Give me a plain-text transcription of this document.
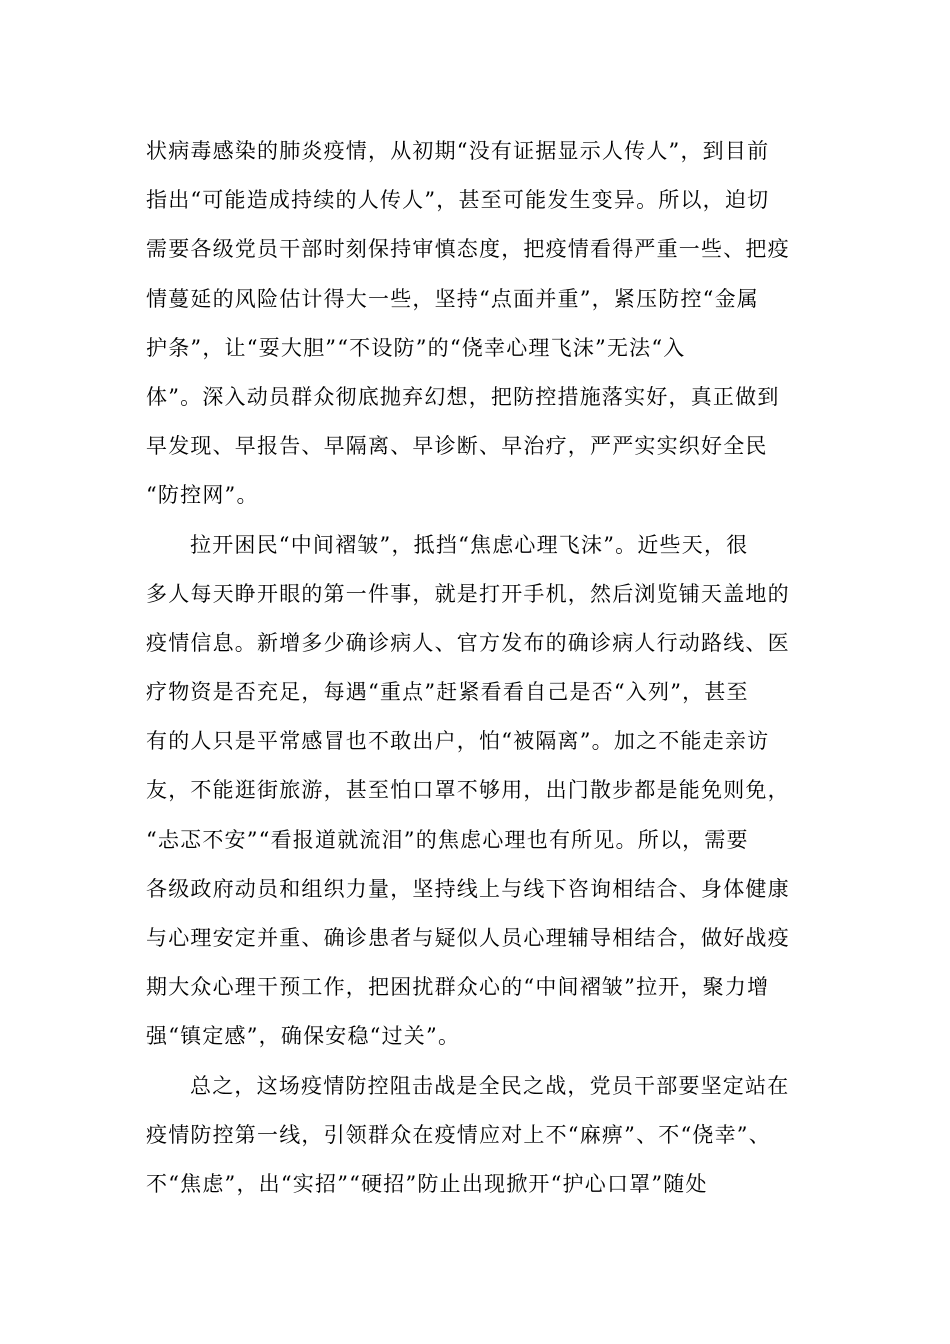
状病毒感染的肺炎疫情，从初期“没有证据显示人传人”，到目前
指出“可能造成持续的人传人”，甚至可能发生变异。所以，迫切
需要各级党员干部时刻保持审慎态度，把疫情看得严重一些、把疫
情蔓延的风险估计得大一些，坚持“点面并重”，紧压防控“金属
护条”，让“耍大胆”“不设防”的“侥幸心理飞沫”无法“入
体”。深入动员群众彻底抛弃幻想，把防控措施落实好，真正做到
早发现、早报告、早隔离、早诊断、早治疗，严严实实织好全民
“防控网”。
拉开困民“中间褶皱”，抵挡“焦虑心理飞沫”。近些天，很
多人每天睁开眼的第一件事，就是打开手机，然后浏览铺天盖地的
疫情信息。新增多少确诊病人、官方发布的确诊病人行动路线、医
疗物资是否充足，每遇“重点”赶紧看看自己是否“入列”，甚至
有的人只是平常感冒也不敢出户，怕“被隔离”。加之不能走亲访
友，不能逛街旅游，甚至怕口罩不够用，出门散步都是能免则免，
“忐忑不安”“看报道就流泪”的焦虑心理也有所见。所以，需要
各级政府动员和组织力量，坚持线上与线下咨询相结合、身体健康
与心理安定并重、确诊患者与疑似人员心理辅导相结合，做好战疫
期大众心理干预工作，把困扰群众心的“中间褶皱”拉开，聚力增
强“镇定感”，确保安稳“过关”。
总之，这场疫情防控阻击战是全民之战，党员干部要坚定站在
疫情防控第一线，引领群众在疫情应对上不“麻痹”、不“侥幸”、
不“焦虑”，出“实招”“硬招”防止出现掀开“护心口罩”随处
